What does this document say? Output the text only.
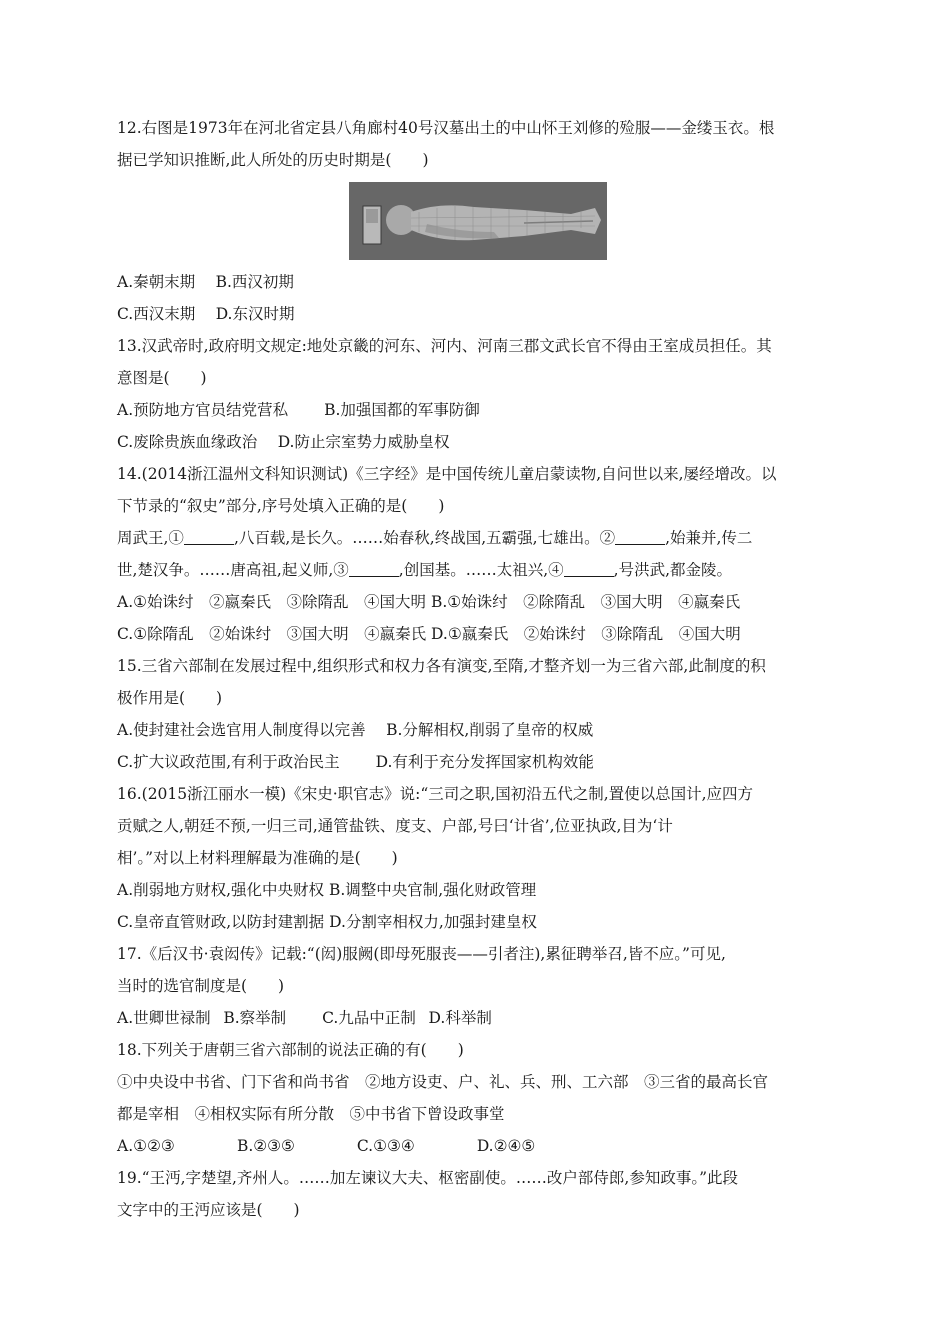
12.右图是1973年在河北省定县八角廊村40号汉墓出土的中山怀王刘修的殓服——金缕玉衣。根
据已学知识推断,此人所处的历史时期是(　　)
A.秦朝末期  B.西汉初期
C.西汉末期  D.东汉时期
13.汉武帝时,政府明文规定:地处京畿的河东、河内、河南三郡文武长官不得由王室成员担任。其
意图是(　　)
A.预防地方官员结党营私   B.加强国都的军事防御
C.废除贵族血缘政治  D.防止宗室势力威胁皇权
14.(2014浙江温州文科知识测试)《三字经》是中国传统儿童启蒙读物,自问世以来,屡经增改。以
下节录的“叙史”部分,序号处填入正确的是(　　)
周武王,①	,八百载,是长久。……始春秋,终战国,五霸强,七雄出。②	,始兼并,传二
世,楚汉争。……唐高祖,起义师,③	,创国基。……太祖兴,④	,号洪武,都金陵。
A.①始诛纣　②嬴秦氏　③除隋乱　④国大明 B.①始诛纣　②除隋乱　③国大明　④嬴秦氏
C.①除隋乱　②始诛纣　③国大明　④嬴秦氏 D.①嬴秦氏　②始诛纣　③除隋乱　④国大明
15.三省六部制在发展过程中,组织形式和权力各有演变,至隋,才整齐划一为三省六部,此制度的积
极作用是(　　)
A.使封建社会选官用人制度得以完善  B.分解相权,削弱了皇帝的权威
C.扩大议政范围,有利于政治民主   D.有利于充分发挥国家机构效能
16.(2015浙江丽水一模)《宋史·职官志》说:“三司之职,国初沿五代之制,置使以总国计,应四方
贡赋之人,朝廷不预,一归三司,通管盐铁、度支、户部,号曰‘计省’,位亚执政,目为‘计
相’。”对以上材料理解最为准确的是(　　)
A.削弱地方财权,强化中央财权 B.调整中央官制,强化财政管理
C.皇帝直管财政,以防封建割据 D.分割宰相权力,加强封建皇权
17.《后汉书·袁闳传》记载:“(闳)服阙(即母死服丧——引者注),累征聘举召,皆不应。”可见,
当时的选官制度是(　　)
A.世卿世禄制  B.察举制   C.九品中正制  D.科举制
18.下列关于唐朝三省六部制的说法正确的有(　　)
①中央设中书省、门下省和尚书省　②地方设吏、户、礼、兵、刑、工六部　③三省的最高长官
都是宰相　④相权实际有所分散　⑤中书省下曾设政事堂
A.①②③	B.②③⑤	C.①③④	D.②④⑤
19.“王沔,字楚望,齐州人。……加左谏议大夫、枢密副使。……改户部侍郎,参知政事。”此段
文字中的王沔应该是(　　)
